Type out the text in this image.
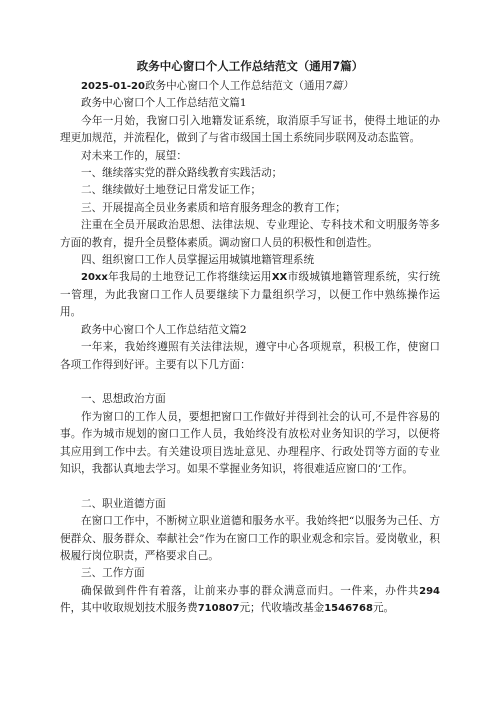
政务中心窗口个人工作总结范文（通用7篇）

2025-01-20政务中心窗口个人工作总结范文（通用7篇）

政务中心窗口个人工作总结范文篇1

今年一月始，我窗口引入地籍发证系统，取消原手写证书，使得土地证的办理更加规范，并流程化，做到了与省市级国土国土系统同步联网及动态监管。

对未来工作的，展望：

一、继续落实党的群众路线教育实践活动；

二、继续做好土地登记日常发证工作；

三、开展提高全员业务素质和培育服务理念的教育工作；

注重在全员开展政治思想、法律法规、专业理论、专科技术和文明服务等多方面的教育，提升全员整体素质。调动窗口人员的积极性和创造性。

四、组织窗口工作人员掌握运用城镇地籍管理系统

20xx年我局的土地登记工作将继续运用XX市级城镇地籍管理系统，实行统一管理，为此我窗口工作人员要继续下力量组织学习，以便工作中熟练操作运用。

政务中心窗口个人工作总结范文篇2

一年来，我始终遵照有关法律法规，遵守中心各项规章，积极工作，使窗口各项工作得到好评。主要有以下几方面：

一、思想政治方面

作为窗口的工作人员，要想把窗口工作做好并得到社会的认可,不是件容易的事。作为城市规划的窗口工作人员，我始终没有放松对业务知识的学习，以便将其应用到工作中去。有关建设项目选址意见、办理程序、行政处罚等方面的专业知识，我都认真地去学习。如果不掌握业务知识，将很难适应窗口的‘工作。

二、职业道德方面

在窗口工作中，不断树立职业道德和服务水平。我始终把“以服务为己任、方便群众、服务群众、奉献社会”作为在窗口工作的职业观念和宗旨。爱岗敬业，积极履行岗位职责，严格要求自己。

三、工作方面

确保做到件件有着落，让前来办事的群众满意而归。一件来，办件共294件，其中收取规划技术服务费710807元；代收墙改基金1546768元。
